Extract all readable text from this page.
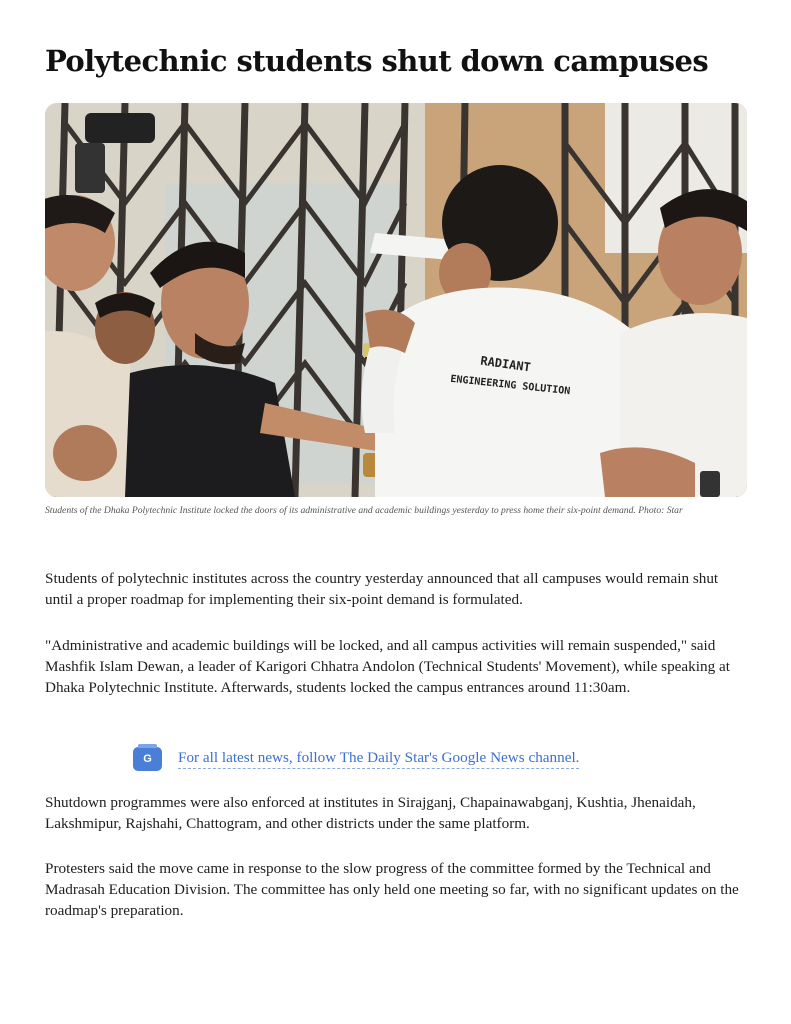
Polytechnic students shut down campuses
RADIANT
ENGINEERING SOLUTION
Students of the Dhaka Polytechnic Institute locked the doors of its administrative and academic buildings yesterday to press home their six-point demand. Photo: Star

Students of polytechnic institutes across the country yesterday announced that all campuses would remain shut until a proper roadmap for implementing their six-point demand is formulated.

"Administrative and academic buildings will be locked, and all campus activities will remain suspended," said Mashfik Islam Dewan, a leader of Karigori Chhatra Andolon (Technical Students' Movement), while speaking at Dhaka Polytechnic Institute. Afterwards, students locked the campus entrances around 11:30am.

G	For all latest news, follow The Daily Star's Google News channel.

Shutdown programmes were also enforced at institutes in Sirajganj, Chapainawabganj, Kushtia, Jhenaidah, Lakshmipur, Rajshahi, Chattogram, and other districts under the same platform.

Protesters said the move came in response to the slow progress of the committee formed by the Technical and Madrasah Education Division. The committee has only held one meeting so far, with no significant updates on the roadmap's preparation.
